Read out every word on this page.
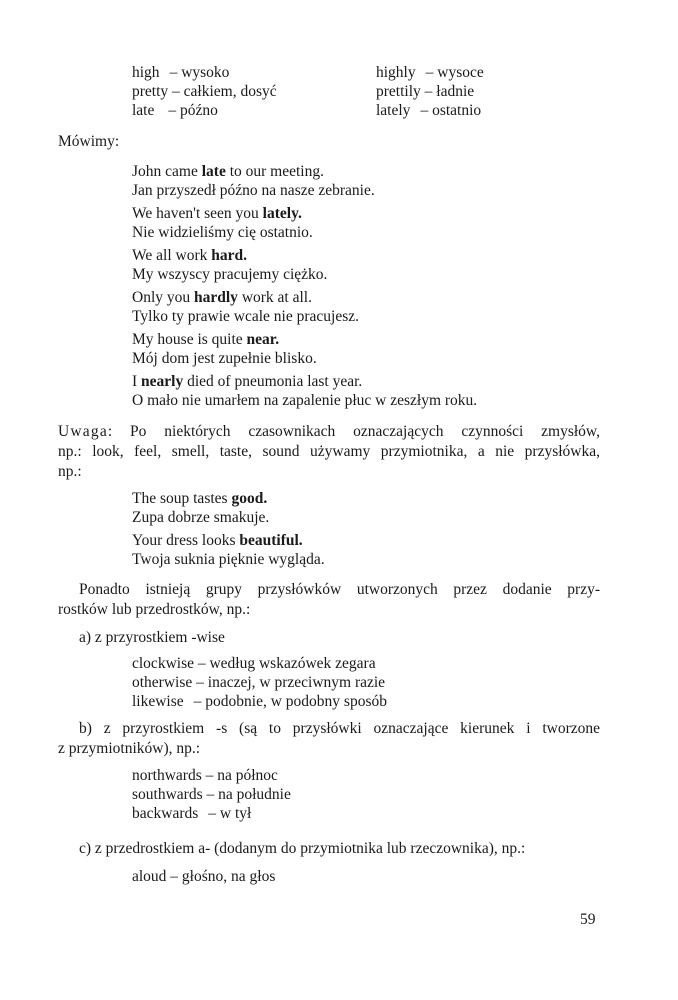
high – wysoko
pretty – całkiem, dosyć
late – późno
highly – wysoce
prettily – ładnie
lately – ostatnio
Mówimy:
John came late to our meeting.
Jan przyszedł późno na nasze zebranie.
We haven't seen you lately.
Nie widzieliśmy cię ostatnio.
We all work hard.
My wszyscy pracujemy ciężko.
Only you hardly work at all.
Tylko ty prawie wcale nie pracujesz.
My house is quite near.
Mój dom jest zupełnie blisko.
I nearly died of pneumonia last year.
O mało nie umarłem na zapalenie płuc w zeszłym roku.
Uwaga: Po niektórych czasownikach oznaczających czynności zmysłów,
np.: look, feel, smell, taste, sound używamy przymiotnika, a nie przysłówka,
np.:
The soup tastes good.
Zupa dobrze smakuje.
Your dress looks beautiful.
Twoja suknia pięknie wygląda.
Ponadto istnieją grupy przysłówków utworzonych przez dodanie przy-
rostków lub przedrostków, np.:
a) z przyrostkiem -wise
clockwise – według wskazówek zegara
otherwise – inaczej, w przeciwnym razie
likewise – podobnie, w podobny sposób
b) z przyrostkiem -s (są to przysłówki oznaczające kierunek i tworzone
z przymiotników), np.:
northwards – na północ
southwards – na południe
backwards – w tył
c) z przedrostkiem a- (dodanym do przymiotnika lub rzeczownika), np.:
aloud – głośno, na głos
59
